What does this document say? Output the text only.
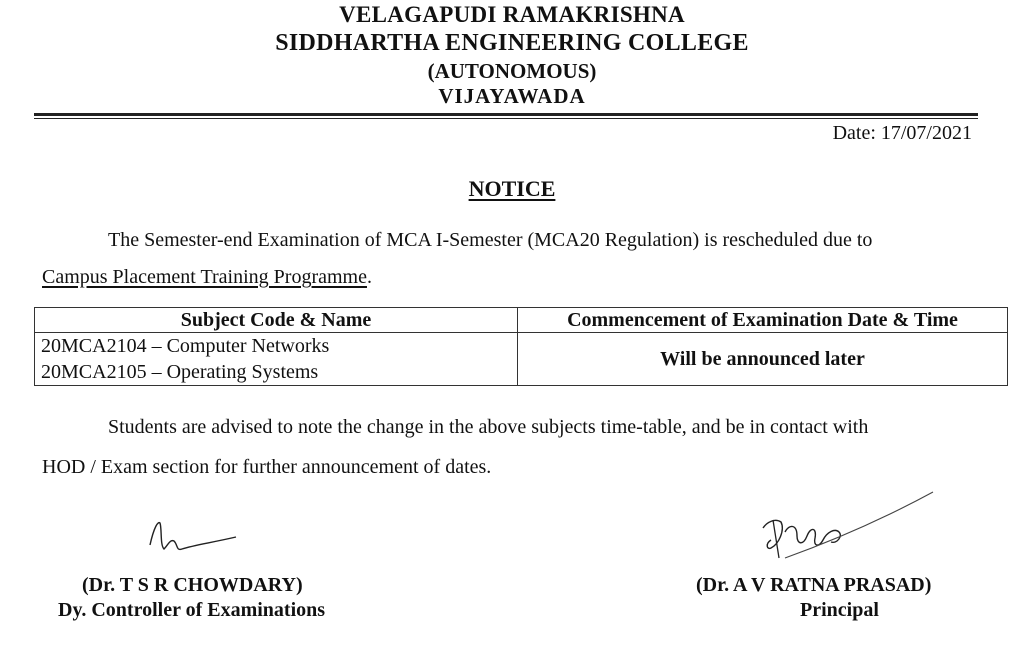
VELAGAPUDI RAMAKRISHNA
SIDDHARTHA ENGINEERING COLLEGE
(AUTONOMOUS)
VIJAYAWADA
Date: 17/07/2021
NOTICE
The Semester-end Examination of MCA I-Semester (MCA20 Regulation) is rescheduled due to
Campus Placement Training Programme.
Subject Code & Name	Commencement of Examination Date & Time

20MCA2104 – Computer Networks
20MCA2105 – Operating Systems	Will be announced later
Students are advised to note the change in the above subjects time-table, and be in contact with
HOD / Exam section for further announcement of dates.
(Dr. T S R CHOWDARY)
Dy. Controller of Examinations
(Dr. A V RATNA PRASAD)
Principal
